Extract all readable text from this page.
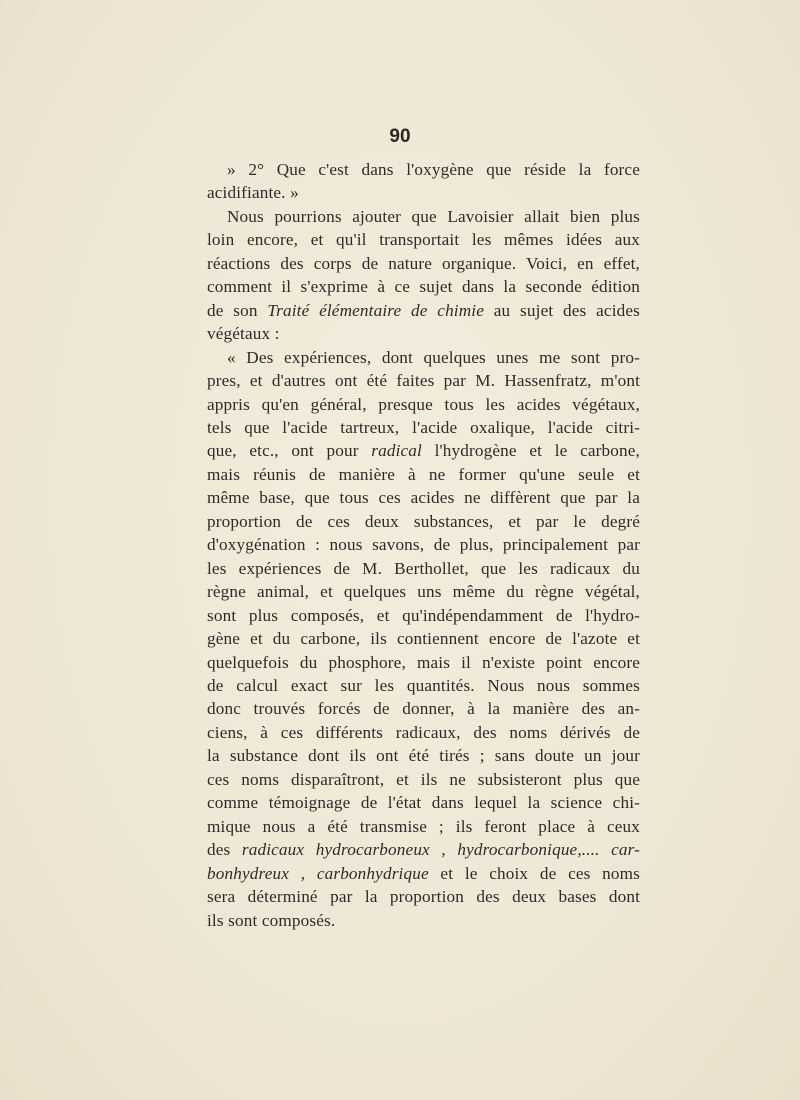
90
» 2° Que c'est dans l'oxygène que réside la force
acidifiante. »
Nous pourrions ajouter que Lavoisier allait bien plus
loin encore, et qu'il transportait les mêmes idées aux
réactions des corps de nature organique. Voici, en effet,
comment il s'exprime à ce sujet dans la seconde édition
de son Traité élémentaire de chimie au sujet des acides
végétaux :
« Des expériences, dont quelques unes me sont pro-
pres, et d'autres ont été faites par M. Hassenfratz, m'ont
appris qu'en général, presque tous les acides végétaux,
tels que l'acide tartreux, l'acide oxalique, l'acide citri-
que, etc., ont pour radical l'hydrogène et le carbone,
mais réunis de manière à ne former qu'une seule et
même base, que tous ces acides ne diffèrent que par la
proportion de ces deux substances, et par le degré
d'oxygénation : nous savons, de plus, principalement par
les expériences de M. Berthollet, que les radicaux du
règne animal, et quelques uns même du règne végétal,
sont plus composés, et qu'indépendamment de l'hydro-
gène et du carbone, ils contiennent encore de l'azote et
quelquefois du phosphore, mais il n'existe point encore
de calcul exact sur les quantités. Nous nous sommes
donc trouvés forcés de donner, à la manière des an-
ciens, à ces différents radicaux, des noms dérivés de
la substance dont ils ont été tirés ; sans doute un jour
ces noms disparaîtront, et ils ne subsisteront plus que
comme témoignage de l'état dans lequel la science chi-
mique nous a été transmise ; ils feront place à ceux
des radicaux hydrocarboneux , hydrocarbonique,.... car-
bonhydreux , carbonhydrique et le choix de ces noms
sera déterminé par la proportion des deux bases dont
ils sont composés.
